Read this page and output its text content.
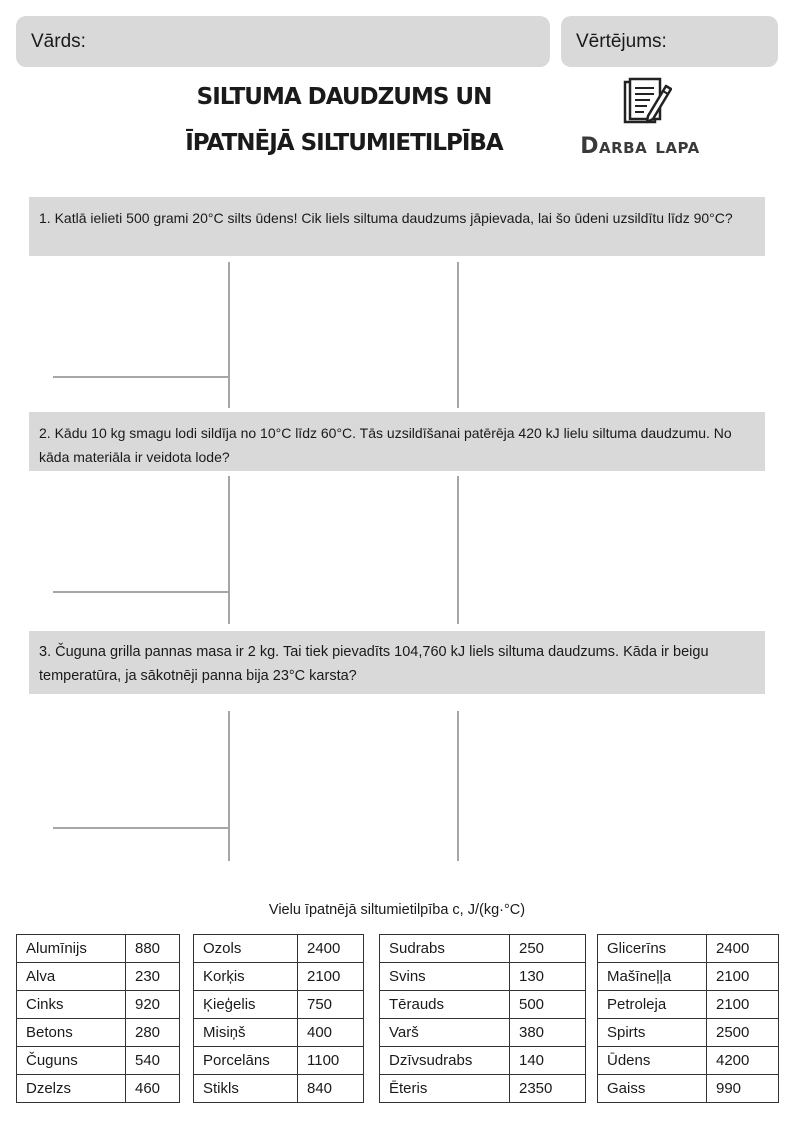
Vārds:	Vērtējums:
SILTUMA DAUDZUMS UN
ĪPATNĒJĀ SILTUMIETILPĪBA	Darba lapa
1. Katlā ielieti 500 grami 20°C silts ūdens! Cik liels siltuma daudzums jāpievada, lai šo ūdeni uzsildītu līdz 90°C?
2. Kādu 10 kg smagu lodi sildīja no 10°C līdz 60°C. Tās uzsildīšanai patērēja 420 kJ lielu siltuma daudzumu. No kāda materiāla ir veidota lode?
3. Čuguna grilla pannas masa ir 2 kg. Tai tiek pievadīts 104,760 kJ liels siltuma daudzums. Kāda ir beigu temperatūra, ja sākotnēji panna bija 23°C karsta?
Vielu īpatnējā siltumietilpība c, J/(kg·°C)
Alumīnijs	880
Alva	230
Cinks	920
Betons	280
Čuguns	540
Dzelzs	460
Ozols	2400
Korķis	2100
Ķieģelis	750
Misiņš	400
Porcelāns	1100
Stikls	840
Sudrabs	250
Svins	130
Tērauds	500
Varš	380
Dzīvsudrabs	140
Ēteris	2350
Glicerīns	2400
Mašīneļļa	2100
Petroleja	2100
Spirts	2500
Ūdens	4200
Gaiss	990
